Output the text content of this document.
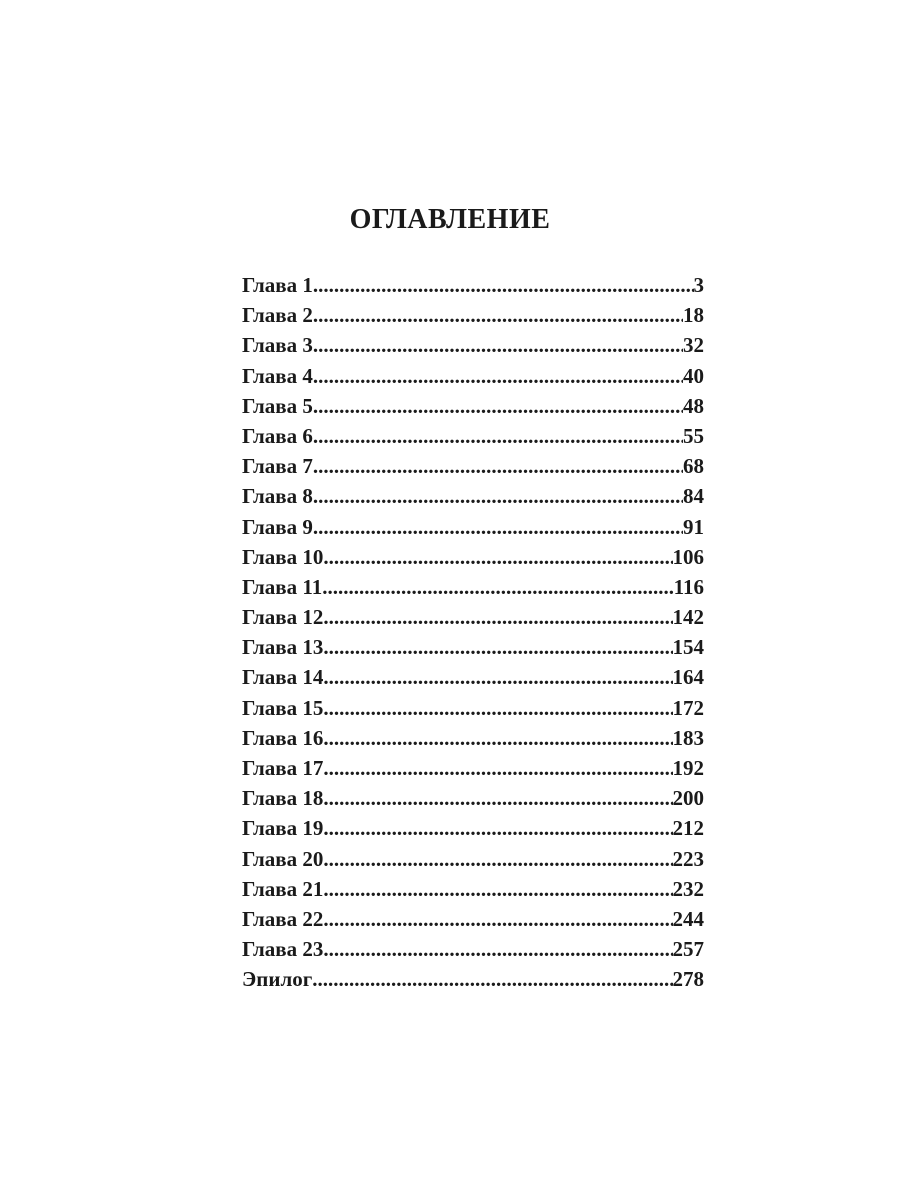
ОГЛАВЛЕНИЕ
Глава 1 .....	3
Глава 2 .....	18
Глава 3 .....	32
Глава 4 .....	40
Глава 5 .....	48
Глава 6 .....	55
Глава 7 .....	68
Глава 8 .....	84
Глава 9 .....	91
Глава 10 .....	106
Глава 11 .....	116
Глава 12 .....	142
Глава 13 .....	154
Глава 14 .....	164
Глава 15 .....	172
Глава 16 .....	183
Глава 17 .....	192
Глава 18 .....	200
Глава 19 .....	212
Глава 20 .....	223
Глава 21 .....	232
Глава 22 .....	244
Глава 23 .....	257
Эпилог .....	278
